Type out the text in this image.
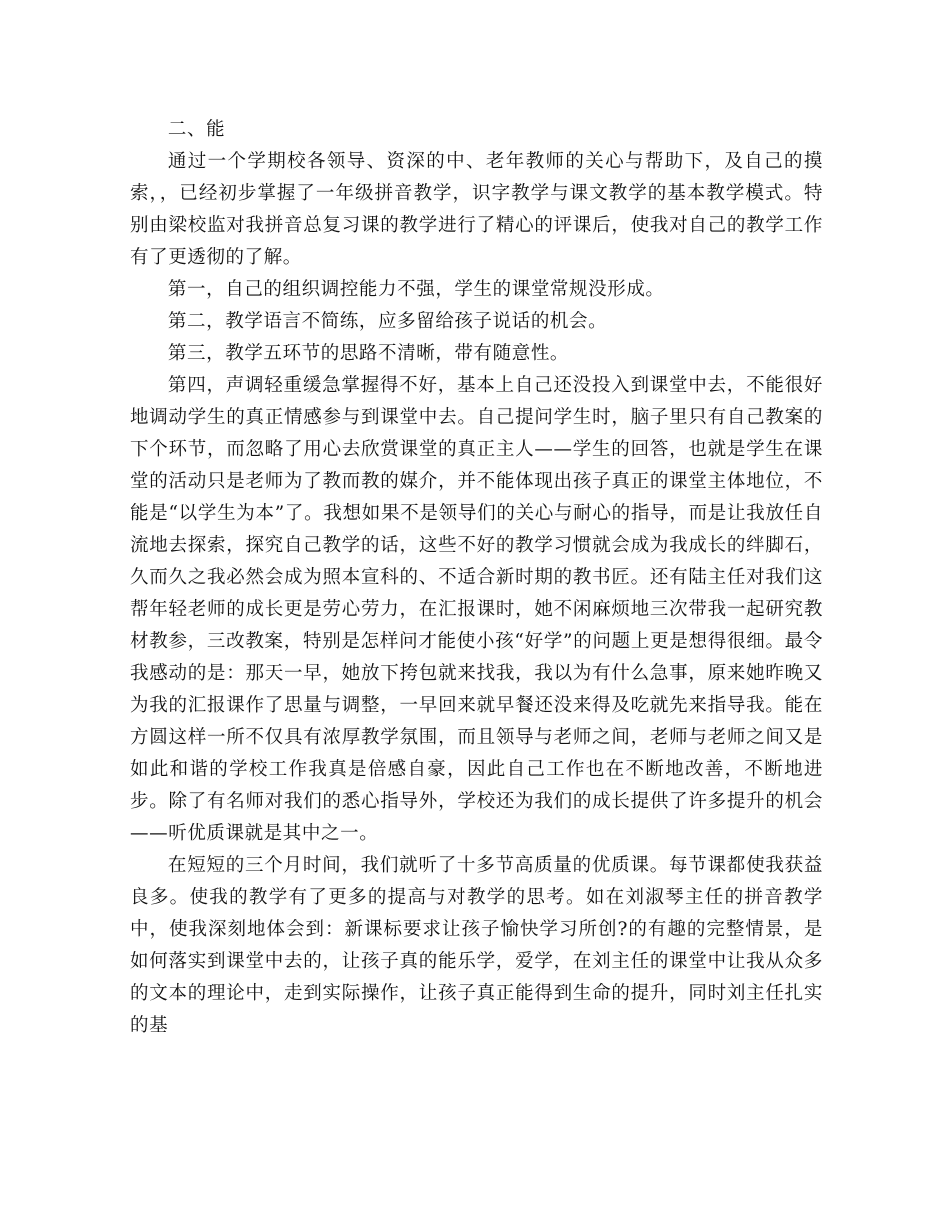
二、能

通过一个学期校各领导、资深的中、老年教师的关心与帮助下，及自己的摸索，，已经初步掌握了一年级拼音教学，识字教学与课文教学的基本教学模式。特别由梁校监对我拼音总复习课的教学进行了精心的评课后，使我对自己的教学工作有了更透彻的了解。

第一，自己的组织调控能力不强，学生的课堂常规没形成。

第二，教学语言不简练，应多留给孩子说话的机会。

第三，教学五环节的思路不清晰，带有随意性。

第四，声调轻重缓急掌握得不好，基本上自己还没投入到课堂中去，不能很好地调动学生的真正情感参与到课堂中去。自己提问学生时，脑子里只有自己教案的下个环节，而忽略了用心去欣赏课堂的真正主人——学生的回答，也就是学生在课堂的活动只是老师为了教而教的媒介，并不能体现出孩子真正的课堂主体地位，不能是“以学生为本”了。我想如果不是领导们的关心与耐心的指导，而是让我放任自流地去探索，探究自己教学的话，这些不好的教学习惯就会成为我成长的绊脚石，久而久之我必然会成为照本宣科的、不适合新时期的教书匠。还有陆主任对我们这帮年轻老师的成长更是劳心劳力，在汇报课时，她不闲麻烦地三次带我一起研究教材教参，三改教案，特别是怎样问才能使小孩“好学”的问题上更是想得很细。最令我感动的是：那天一早，她放下挎包就来找我，我以为有什么急事，原来她昨晚又为我的汇报课作了思量与调整，一早回来就早餐还没来得及吃就先来指导我。能在方圆这样一所不仅具有浓厚教学氛围，而且领导与老师之间，老师与老师之间又是如此和谐的学校工作我真是倍感自豪，因此自己工作也在不断地改善，不断地进步。除了有名师对我们的悉心指导外，学校还为我们的成长提供了许多提升的机会——听优质课就是其中之一。

在短短的三个月时间，我们就听了十多节高质量的优质课。每节课都使我获益良多。使我的教学有了更多的提高与对教学的思考。如在刘淑琴主任的拼音教学中，使我深刻地体会到：新课标要求让孩子愉快学习所创?的有趣的完整情景，是如何落实到课堂中去的，让孩子真的能乐学，爱学，在刘主任的课堂中让我从众多的文本的理论中，走到实际操作，让孩子真正能得到生命的提升，同时刘主任扎实的基
